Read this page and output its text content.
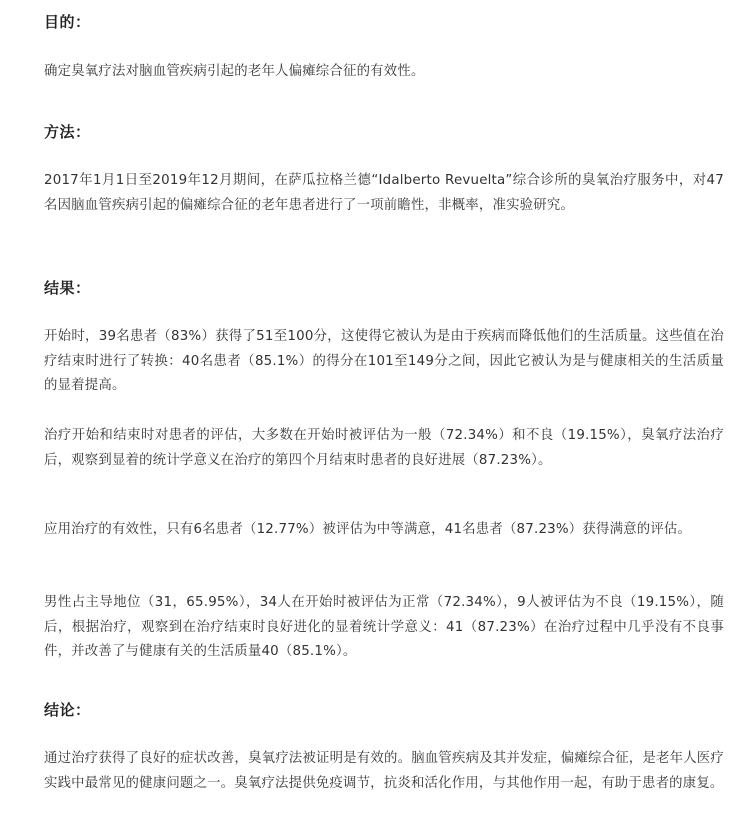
目的：

确定臭氧疗法对脑血管疾病引起的老年人偏瘫综合征的有效性。

方法：

2017年1月1日至2019年12月期间，在萨瓜拉格兰德“Idalberto Revuelta”综合诊所的臭氧治疗服务中，对47名因脑血管疾病引起的偏瘫综合征的老年患者进行了一项前瞻性，非概率，准实验研究。

结果：

开始时，39名患者（83%）获得了51至100分，这使得它被认为是由于疾病而降低他们的生活质量。这些值在治疗结束时进行了转换：40名患者（85.1%）的得分在101至149分之间，因此它被认为是与健康相关的生活质量的显着提高。

治疗开始和结束时对患者的评估，大多数在开始时被评估为一般（72.34%）和不良（19.15%），臭氧疗法治疗后，观察到显着的统计学意义在治疗的第四个月结束时患者的良好进展（87.23%）。

应用治疗的有效性，只有6名患者（12.77%）被评估为中等满意，41名患者（87.23%）获得满意的评估。

男性占主导地位（31，65.95%），34人在开始时被评估为正常（72.34%），9人被评估为不良（19.15%），随后，根据治疗，观察到在治疗结束时良好进化的显着统计学意义：41（87.23%）在治疗过程中几乎没有不良事件，并改善了与健康有关的生活质量40（85.1%）。

结论：

通过治疗获得了良好的症状改善，臭氧疗法被证明是有效的。脑血管疾病及其并发症，偏瘫综合征，是老年人医疗实践中最常见的健康问题之一。臭氧疗法提供免疫调节，抗炎和活化作用，与其他作用一起，有助于患者的康复。
